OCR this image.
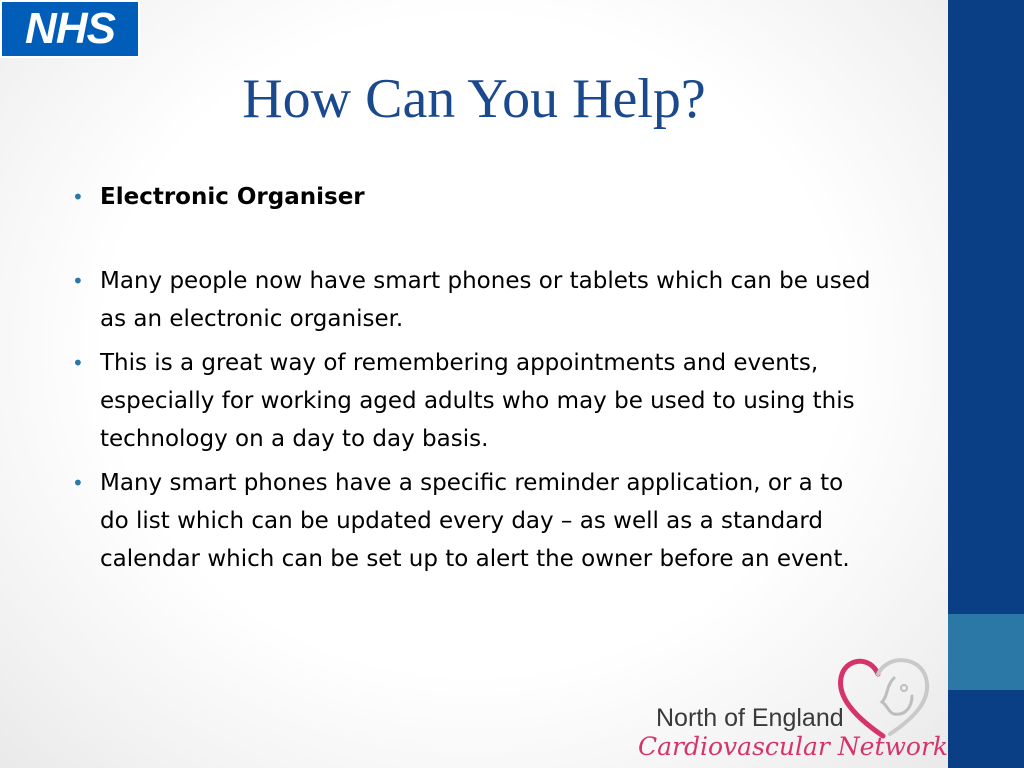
NHS
How Can You Help?
• Electronic Organiser
• Many people now have smart phones or tablets which can be used as an electronic organiser.
• This is a great way of remembering appointments and events, especially for working aged adults who may be used to using this technology on a day to day basis.
• Many smart phones have a specific reminder application, or a to do list which can be updated every day – as well as a standard calendar which can be set up to alert the owner before an event.
North of England
Cardiovascular Network
